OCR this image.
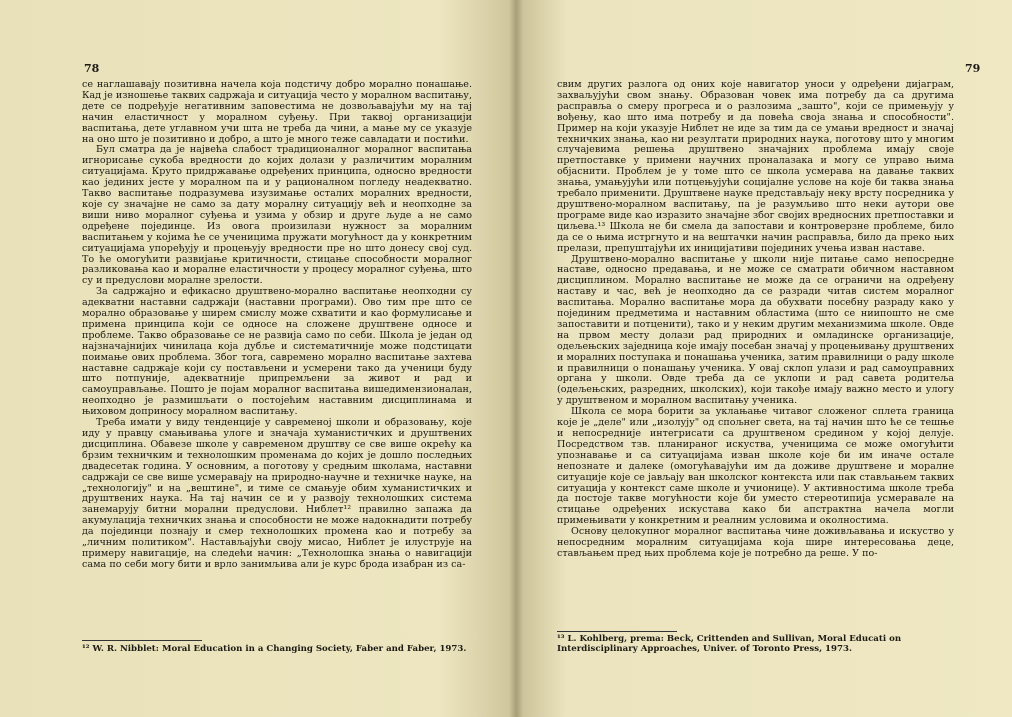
78

се наглашавају позитивна начела која подстичу добро морално понашање. Кад је изношење таквих садржаја и ситуација често у моралном васпитању, дете се подређује негативним заповестима не дозвољавајући му на тај начин еластичност у моралном суђењу. При таквој организацији васпитања, дете углавном учи шта не треба да чини, а мање му се указује на оно што је позитивно и добро, а што је много теже савладати и постићи.

Бул сматра да је највећа слабост традиционалног моралног васпитања игнорисање сукоба вредности до којих долази у различитим моралним ситуацијама. Круто придржавање одређених принципа, односно вредности као јединих јесте у моралном па и у рационалном погледу неадекватно. Такво васпитање подразумева изузимање осталих моралних вредности, које су значајне не само за дату моралну ситуацију већ и неопходне за виши ниво моралног суђења и узима у обзир и друге људе а не само одређене појединце. Из овога произилази нужност за моралним васпитањем у којима ће се ученицима пружати могућност да у конкретним ситуацијама упоређују и процењују вредности пре но што донесу свој суд. То ће омогућити развијање критичности, стицање способности моралног разликовања као и моралне еластичности у процесу моралног суђења, што су и предуслови моралне зрелости.

За садржајно и ефикасно друштвено-морално васпитање неопходни су адекватни наставни садржаји (наставни програми). Ово тим пре што се морално образовање у ширем смислу може схватити и као формулисање и примена принципа који се односе на сложене друштвене односе и проблеме. Такво образовање се не развија само по себи. Школа је један од најзначајнијих чинилаца која дубље и систематичније може подстицати поимање ових проблема. Због тога, савремено морално васпитање захтева наставне садржаје који су постављени и усмерени тако да ученици буду што потпуније, адекватније припремљени за живот и рад и самоуправљање. Пошто је појам моралног васпитања вишедимензионалан, неопходно је размишљати о постојећим наставним дисциплинама и њиховом доприносу моралном васпитању.

Треба имати у виду тенденције у савременој школи и образовању, које иду у правцу смањивања улоге и значаја хуманистичких и друштвених дисциплина. Обавезе школе у савременом друштву се све више окрећу ка брзим техничким и технолошким променама до којих је дошло последњих двадесетак година. У основним, а поготову у средњим школама, наставни садржаји се све више усмеравају на природно-научне и техничке науке, на „технологију" и на „вештине", и тиме се смањује обим хуманистичких и друштвених наука. На тај начин се и у развоју технолошких система занемарују битни морални предуслови. Ниблет¹² правилно запажа да акумулација техничких знања и способности не може надокнадити потребу да појединци познају и смер технолошких промена као и потребу за „личним политиком". Настављајући своју мисао, Ниблет је илуструје на примеру навигације, на следећи начин: „Технолошка знања о навигацији сама по себи могу бити и врло занимљива али је курс брода изабран из са-

¹² W. R. Nibblet: Moral Education in a Changing Society, Faber and Faber, 1973.
79

свим других разлога од оних које навигатор уноси у одређени дијаграм, захваљујући свом знању. Образован човек има потребу да са другима расправља о смеру прогреса и о разлозима „зашто", који се примењују у вођењу, као што има потребу и да повећа своја знања и способности". Пример на који указује Ниблет не иде за тим да се умањи вредност и значај техничких знања, као ни резултати природних наука, поготову што у многим случајевима решења друштвено значајних проблема имају своје претпоставке у примени научних проналазака и могу се управо њима објаснити. Проблем је у томе што се школа усмерава на давање таквих знања, умањујући или потцењујући социјалне услове на које би таква знања требало применити. Друштвене науке представљају неку врсту посредника у друштвено-моралном васпитању, па је разумљиво што неки аутори ове програме виде као изразито значајне због својих вредносних претпоставки и циљева.¹³ Школа не би смела да запостави и контроверзне проблеме, било да се о њима истргнуто и на вештачки начин расправља, било да преко њих прелази, препуштајући их иницијативи појединих учења изван наставе.

Друштвено-морално васпитање у школи није питање само непосредне наставе, односно предавања, и не може се сматрати обичном наставном дисциплином. Морално васпитање не може да се ограничи на одређену наставу и час, већ је неопходно да се разради читав систем моралног васпитања. Морално васпитање мора да обухвати посебну разраду како у појединим предметима и наставним областима (што се ниипошто не сме запоставити и потценити), тако и у неким другим механизмима школе. Овде на првом месту долази рад природних и омладинске организације, одељењских заједница које имају посебан значај у процењивању друштвених и моралних поступака и понашања ученика, затим правилници о раду школе и правилници о понашању ученика. У овај склоп улази и рад самоуправних органа у школи. Овде треба да се уклопи и рад савета родитеља (одељењских, разредних, школских), који такође имају важно место и улогу у друштвеном и моралном васпитању ученика.

Школа се мора борити за уклањање читавог сложеног сплета граница које је „деле" или „изолују" од спољнег света, на тај начин што ће се тешње и непосредније интегрисати са друштвеном средином у којој делује. Посредством тзв. планираног искуства, ученицима се може омогућити упознавање и са ситуацијама изван школе које би им иначе остале непознате и далеке (омогућавајући им да доживе друштвене и моралне ситуације које се јављају ван школског контекста или пак стављањем таквих ситуација у контекст саме школе и учионице). У активностима школе треба да постоје такве могућности које би уместо стереотипија усмеравале на стицање одређених искустава како би апстрактна начела могли примењивати у конкретним и реалним условима и околностима.

Основу целокупног моралног васпитања чине доживљавања и искуство у непосредним моралним ситуацијама која шире интересовања деце, стављањем пред њих проблема које је потребно да реше. У по-

¹³ L. Kohlberg, prema: Beck, Crittenden and Sullivan, Moral Educati on Interdisciplinary Approaches, Univer. of Toronto Press, 1973.
